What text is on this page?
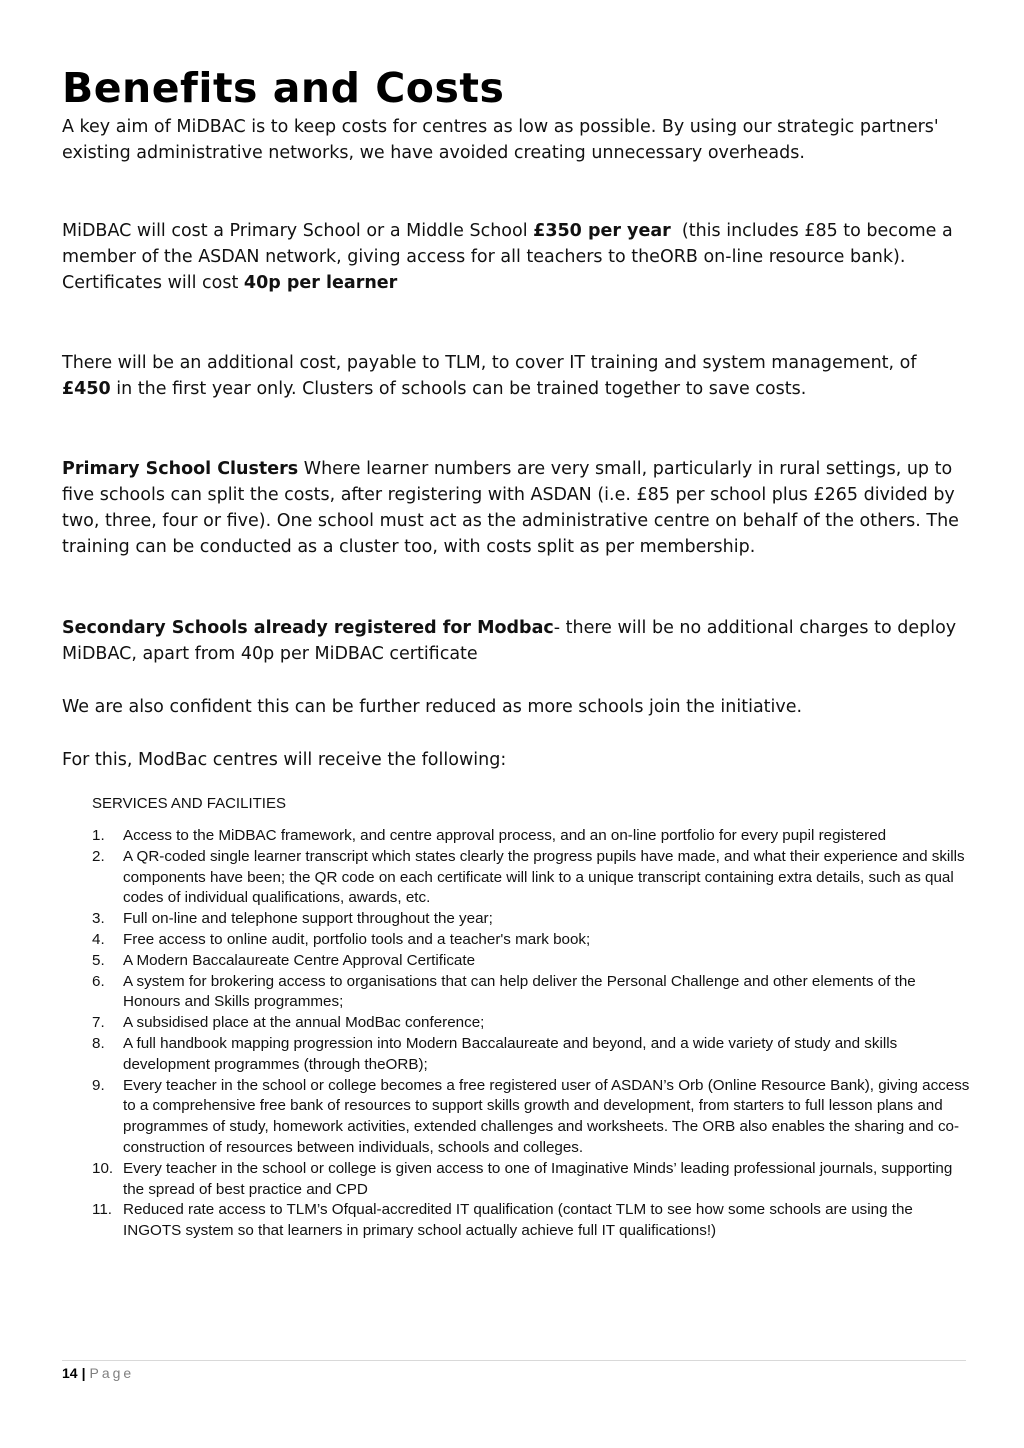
Benefits and Costs

A key aim of MiDBAC is to keep costs for centres as low as possible. By using our strategic partners' existing administrative networks, we have avoided creating unnecessary overheads.

MiDBAC will cost a Primary School or a Middle School £350 per year  (this includes £85 to become a member of the ASDAN network, giving access for all teachers to theORB on-line resource bank). Certificates will cost 40p per learner

There will be an additional cost, payable to TLM, to cover IT training and system management, of £450 in the first year only. Clusters of schools can be trained together to save costs.

Primary School Clusters Where learner numbers are very small, particularly in rural settings, up to five schools can split the costs, after registering with ASDAN (i.e. £85 per school plus £265 divided by two, three, four or five). One school must act as the administrative centre on behalf of the others. The training can be conducted as a cluster too, with costs split as per membership.

Secondary Schools already registered for Modbac- there will be no additional charges to deploy MiDBAC, apart from 40p per MiDBAC certificate

We are also confident this can be further reduced as more schools join the initiative.

For this, ModBac centres will receive the following:

SERVICES AND FACILITIES

1.	Access to the MiDBAC framework, and centre approval process, and an on-line portfolio for every pupil registered
2.	A QR-coded single learner transcript which states clearly the progress pupils have made, and what their experience and skills components have been; the QR code on each certificate will link to a unique transcript containing extra details, such as qual codes of individual qualifications, awards, etc.
3.	Full on-line and telephone support throughout the year;
4.	Free access to online audit, portfolio tools and a teacher's mark book;
5.	A Modern Baccalaureate Centre Approval Certificate
6.	A system for brokering access to organisations that can help deliver the Personal Challenge and other elements of the Honours and Skills programmes;
7.	A subsidised place at the annual ModBac conference;
8.	A full handbook mapping progression into Modern Baccalaureate and beyond, and a wide variety of study and skills development programmes (through theORB);
9.	Every teacher in the school or college becomes a free registered user of ASDAN’s Orb (Online Resource Bank), giving access to a comprehensive free bank of resources to support skills growth and development, from starters to full lesson plans and programmes of study, homework activities, extended challenges and worksheets. The ORB also enables the sharing and co-construction of resources between individuals, schools and colleges.
10. Every teacher in the school or college is given access to one of Imaginative Minds’ leading professional journals, supporting the spread of best practice and CPD
11. Reduced rate access to TLM’s Ofqual-accredited IT qualification (contact TLM to see how some schools are using the INGOTS system so that learners in primary school actually achieve full IT qualifications!)
14 | Page
